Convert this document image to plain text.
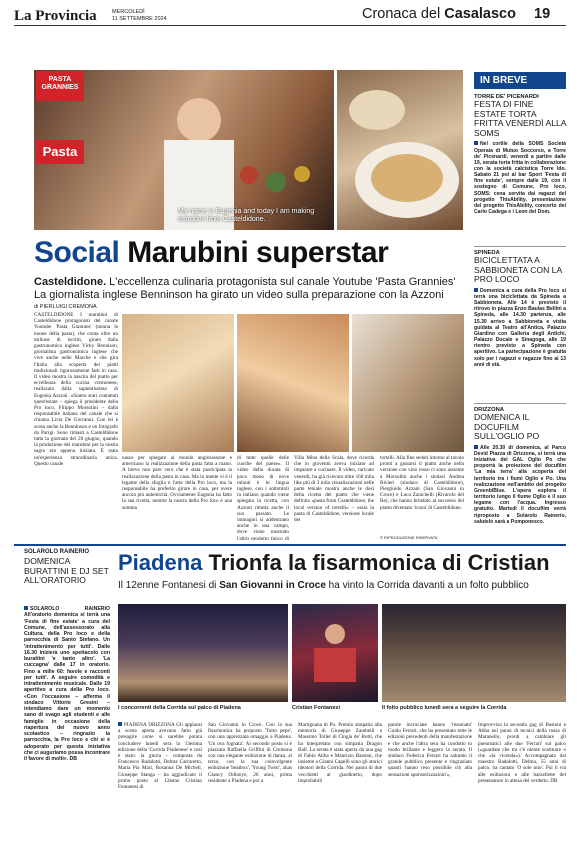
La Provincia	MERCOLEDÌ
11 SETTEMBRE 2024	Cronaca del Casalasco 19
PASTA GRANNIES
Pasta
My name is Eugenia and today I am making marubini from Casteldidone.
Social Marubini superstar
Casteldidone. L'eccellenza culinaria protagonista sul canale Youtube 'Pasta Grannies' La giornalista inglese Benninson ha girato un video sulla preparazione con la Azzoni
di PIERLUIGI CREMONA
CASTELDIDONE I marubini di Casteldidone protagonisti del canale Youtube 'Pasta Grannies' (nonna le nonne della pasta), che conta oltre un milione di iscritti, girato dalla gastronomica inglese Vicky Bennison, giornalista gastronomica inglese che vive anche nelle Marche e che gira l'Italia alla scoperta dei piatti tradizionali rigorosamente fatti in casa. Il video mostra la nascita del piatto per eccellenza della cucina cremonese, realizzato dalla sapientissima di Eugenia Azzoni. «Siamo stati contattati quest'estate – spiega il presidente della Pro loco, Filippo Morsolini – dalla responsabile italiana del canale che si chiama Livia De Giovanni. Con lei è scesa anche la Benninson e un fotografo da Parigi. Sono rimasti a Casteldidone tutta la giornata del 20 giugno, quando la produzione dei marubini per la nostra sagra era appena iniziata. È stata un'esperienza straordinaria unica. Questo canale
nasce per spiegare al mondo anglosassone e americano la realizzazione della pasta fatta a mano. A breve non pare vero che è stata posticipata la realizzazione della pasta in casa. Ma in mente vi è il legame della sfoglia e l'arte della Pro loco, ma la responsabile ha preferito girare in casa, per avere ancora più autenticità. Ovviamente Eugenia ha fatto la sua ricetta, mentre la nostra della Pro loco è una somma
di tutte quelle delle cuoche del paese». Il video della durata di poco meno di nove minuti è in lingua inglese, con i sottotitoli in italiano quando viene spiegata la ricetta, con Azzoni ritratta anche il suo passato. Le immagini si addentrano anche in una campo, dove viene mostrato l'altro prodotto tipico di
Villa Mina della Scala, dove ricorda che in gioventù aveva iniziato ad imparare a cucinare. Il video, caricato venerdì, ha già ricevuto oltre 160 mila like più di 3 mila visualizzazioni nelle parte teniale mostra anche le dosi della ricetta del piatto che viene definito «pasta from Casteldidone, the local version of tortelli» – ossia la pasta di Casteldidone, versione locale dei
tortelli. Alla fine seduti intorno al tavolo pronti a gustarsi il piatto anche nella versione con vino rosso ci sono assieme a Morsolini anche i sindaci Andrea Rivieri (sindaco di Casteldidone), Piergiuido Azzani (San Giovanni in Croce) e Luca Zanichelli (Rivarolo del Re), che hanno brindato al successo del piatto diventato 'icona' di Casteldidone.
© RIPRODUZIONE RISERVATA
IN BREVE
TORRE DE' PICENARDI
FESTA DI FINE ESTATE TORTA FRITTA VENERDÌ ALLA SOMS
Nel cortile della SOMS Società Operaia di Mutuo Soccorso, a Torre de' Picenardi, venerdì a partire dalle 19, serata torta fritta in collaborazione con la società calcistica Torre Ido. Sabato 21 poi al bar Sport 'Festa di fine estate', sempre dalle 19, con il sostegno di Comune, Pro loco, SOMS: cena servita dai ragazzi del progetto ThisAbility, presentazione del progetto ThisAbility, concerto dei Carlo Cadega e i Leon del Dom.
SPINEDA
BICICLETTATA A SABBIONETA CON LA PRO LOCO
Domenica a cura della Pro loco si terrà una biciclettata da Spineda a Sabbioneta. Alle 14 è previsto il ritrovo in piazza Enzo Baulas Bellini a Spineda, alle 14.30 partenza, alle 15.30 arrivo a Sabbioneta e visita guidata al Teatro all'Antica, Palazzo Giardino con Galleria degli Antichi, Palazzo Ducale e Sinagoga, alle 19 rientro previsto a Spineda con aperitivo. La partecipazione è gratuita solo per i ragazzi e ragazze fino ai 13 anni di età.
DRIZZONA
DOMENICA IL DOCUFILM SULL'OGLIO PO
Alle 20.30 di domenica, al Parco Devid Piazza di Drizzona, si terrà una iniziativa del GAL Oglio Po che proporrà la proiezione del docufilm 'La mia terra' alla scoperta del territorio tra i fiumi Oglio e Po. Una realizzazione nell'ambito del progetto GreenblBlue. L'opera esplora il territorio lungo il fiume Oglio e il suo legame con l'acqua. Ingresso gratuito. Martedì il docufilm verrà riproposto a Solarolo Rainerio, salutelo sarà a Pomponesco.
SOLAROLO RAINERIO
DOMENICA BURATTINI E DJ SET ALL'ORATORIO
SOLAROLO RAINERIO All'oratorio domenica si terrà una 'Festa di fine estate' a cura del Comune, dell'assessorato alla Cultura, della Pro loco e della parrocchia di Santo Stefano. Un 'intrattenimento per tutti'. Dalle 16.30 inizierà uno spettacolo con burattini 'e tanto altro'. 'La cuccagna' dalle 17 in oratorio. Fino a mille 60: favole e racconti per tutti'. A seguire comodità e intrattenimento musicale. Dalle 19 aperitivo a cura della Pro loco. «Con l'occasione – afferma il sindaco Vittorio Gresini – intendiamo dare un momento sano di svago agli studenti e alle famiglie in occasione della riapertura del nuovo anno scolastico – ringrazio la parrocchia, la Pro loco e chi si è adoperato per questa iniziativa che ci auguriamo possa incontrare il favore di molti». DB
Piadena Trionfa la fisarmonica di Cristian
Il 12enne Fontanesi di San Giovanni in Croce ha vinto la Corrida davanti a un folto pubblico
I concorrenti della Corrida sul palco di Piadena	Cristian Fontanesi	Il folto pubblico lunedì sera a seguire la Corrida
PIADENA DRIZZONA Gli applausi a scena aperta avevano fatto già presagire come si sarebbe potuta concludere lunedì sera la 13esima edizione della 'Corrida Piadenese' e così è stato: la giuria – composta da Francesco Badalotti, Delma Carraretto, Maria Pia Mari, Rosanna De Micheli, Giuseppe Stanga – ha aggiudicato il primo posto al 12enne Cristian Fontanesi di
San Giovanni in Croce. Con la sua fisarmonica ha proposto 'Tutto pepe', con una apprezzata omaggio a Piadena. 'Un ova fognata'. Al secondo posto si è piazzata Raffaella Griffini di Cremona con una elegante esibizione di danza, al terzo, con la sua coinvolgente esibizione 'beatbox', 'Young Twist', alias Giancy Odionye, 26 anni, prima residente a Piadena e poi a
Martignana di Po. Premio simpatia alla memoria di Giuseppe Zambelli a Massimo Toller di Cingia de' Botti, che ha interpretato con simpatia Dragon Ball. La serata è stata aperta da una gag di Fabio Abba e Maurizio Bastoni, che insieme a Gianni Capelli sono gli storici ideatori della Corrida. Nei panni di due vecchietti al giardinetto, dopo improbabili
parole incrociate hanno 'risuonato' Guido Ferrari, che ha presentato tutte le edizioni precedenti della manifestazione e che anche l'altra sera ha condotto in modo brillante e leggero la serata. Il sindaco Federica Ferrari ha salutato il grande pubblico presente e ringraziato quanti 'hanno reso possibile ciò alla sensazioni sponsorizzazioni'»,
Improvvisa la seconda gag di Bastoni e Abba nei panni di tecnici della rossa di Maranello, pronti a cambiare gli pneumatici alle due 'Ferrari' sul palco («guardate che tra c'è niente sostituire o che «la vicenda»). Accompagnata dal maestro Badalotti, Delma, 55 anni di palco, ha cantato 'O sole mio'. Poi il via alle esibizioni e alle barzellette del presentatore in attesa del verdetto. DB
